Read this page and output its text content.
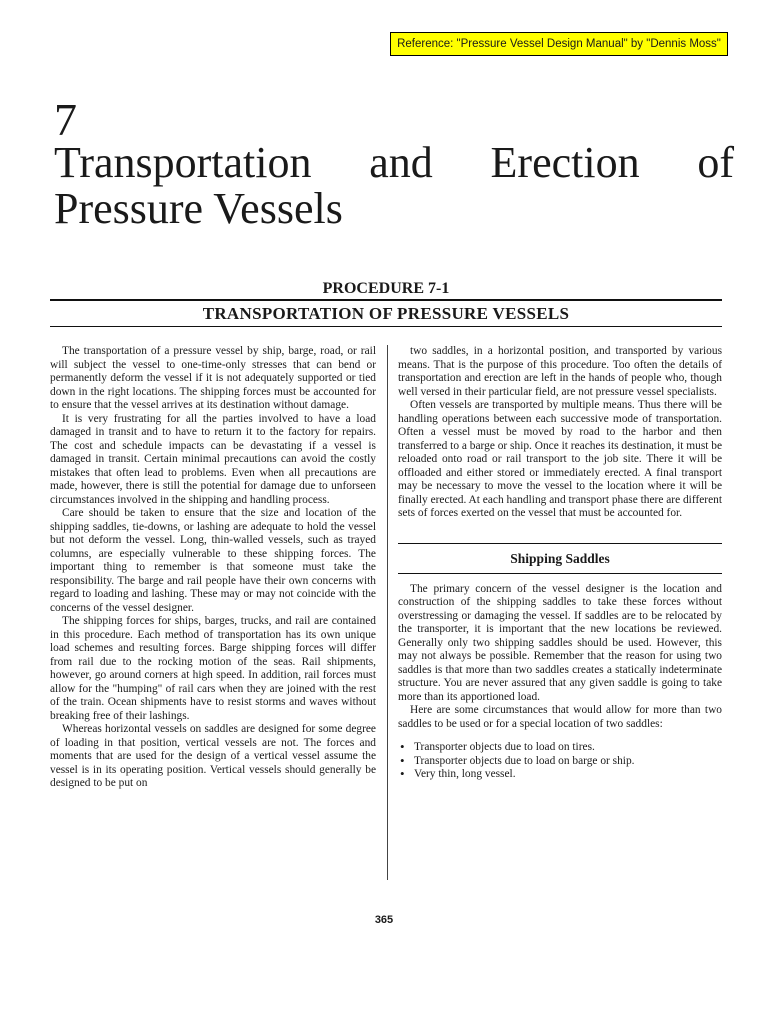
Reference: "Pressure Vessel Design Manual" by "Dennis Moss"
7
Transportation and Erection of
Pressure Vessels
PROCEDURE 7-1
TRANSPORTATION OF PRESSURE VESSELS

The transportation of a pressure vessel by ship, barge, road, or rail will subject the vessel to one-time-only stresses that can bend or permanently deform the vessel if it is not adequately supported or tied down in the right locations. The shipping forces must be accounted for to ensure that the vessel arrives at its destination without damage.

It is very frustrating for all the parties involved to have a load damaged in transit and to have to return it to the factory for repairs. The cost and schedule impacts can be devastating if a vessel is damaged in transit. Certain minimal precautions can avoid the costly mistakes that often lead to problems. Even when all precautions are made, however, there is still the potential for damage due to unforseen circumstances involved in the shipping and handling process.

Care should be taken to ensure that the size and location of the shipping saddles, tie-downs, or lashing are adequate to hold the vessel but not deform the vessel. Long, thin-walled vessels, such as trayed columns, are especially vulnerable to these shipping forces. The important thing to remember is that someone must take the responsibility. The barge and rail people have their own concerns with regard to loading and lashing. These may or may not coincide with the concerns of the vessel designer.

The shipping forces for ships, barges, trucks, and rail are contained in this procedure. Each method of transportation has its own unique load schemes and resulting forces. Barge shipping forces will differ from rail due to the rocking motion of the seas. Rail shipments, however, go around corners at high speed. In addition, rail forces must allow for the "humping" of rail cars when they are joined with the rest of the train. Ocean shipments have to resist storms and waves without breaking free of their lashings.

Whereas horizontal vessels on saddles are designed for some degree of loading in that position, vertical vessels are not. The forces and moments that are used for the design of a vertical vessel assume the vessel is in its operating position. Vertical vessels should generally be designed to be put on

two saddles, in a horizontal position, and transported by various means. That is the purpose of this procedure. Too often the details of transportation and erection are left in the hands of people who, though well versed in their particular field, are not pressure vessel specialists.

Often vessels are transported by multiple means. Thus there will be handling operations between each successive mode of transportation. Often a vessel must be moved by road to the harbor and then transferred to a barge or ship. Once it reaches its destination, it must be reloaded onto road or rail transport to the job site. There it will be offloaded and either stored or immediately erected. A final transport may be necessary to move the vessel to the location where it will be finally erected. At each handling and transport phase there are different sets of forces exerted on the vessel that must be accounted for.

Shipping Saddles

The primary concern of the vessel designer is the location and construction of the shipping saddles to take these forces without overstressing or damaging the vessel. If saddles are to be relocated by the transporter, it is important that the new locations be reviewed. Generally only two shipping saddles should be used. However, this may not always be possible. Remember that the reason for using two saddles is that more than two saddles creates a statically indeterminate structure. You are never assured that any given saddle is going to take more than its apportioned load.

Here are some circumstances that would allow for more than two saddles to be used or for a special location of two saddles:

• Transporter objects due to load on tires.
• Transporter objects due to load on barge or ship.
• Very thin, long vessel.
365
